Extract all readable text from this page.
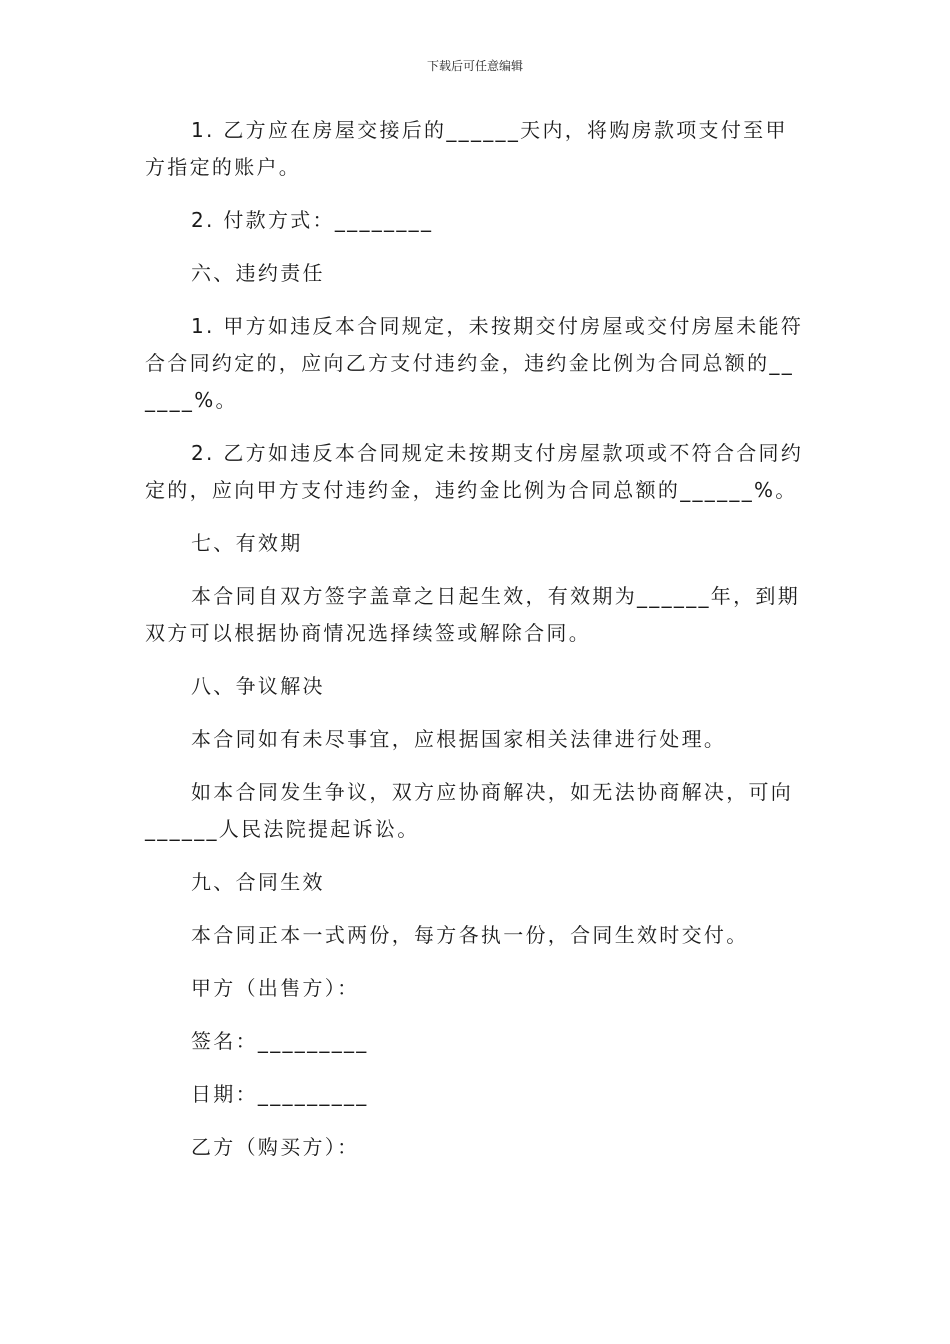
下载后可任意编辑

1. 乙方应在房屋交接后的______天内，将购房款项支付至甲方指定的账户。

2. 付款方式：________

六、违约责任

1. 甲方如违反本合同规定，未按期交付房屋或交付房屋未能符合合同约定的，应向乙方支付违约金，违约金比例为合同总额的______%。

2. 乙方如违反本合同规定未按期支付房屋款项或不符合合同约定的，应向甲方支付违约金，违约金比例为合同总额的______%。

七、有效期

本合同自双方签字盖章之日起生效，有效期为______年，到期双方可以根据协商情况选择续签或解除合同。

八、争议解决

本合同如有未尽事宜，应根据国家相关法律进行处理。

如本合同发生争议，双方应协商解决，如无法协商解决，可向______人民法院提起诉讼。

九、合同生效

本合同正本一式两份，每方各执一份，合同生效时交付。

甲方（出售方）：

签名：_________

日期：_________

乙方（购买方）：
